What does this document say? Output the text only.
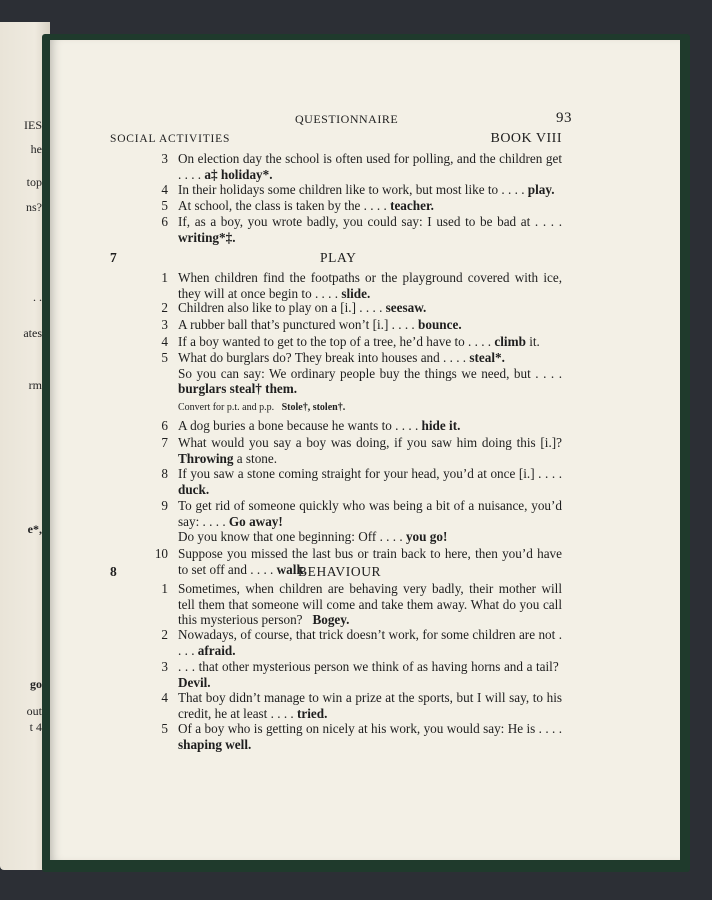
IES
he
top
ns?
. .
ates
rm
e*,
go
out
t 4
QUESTIONNAIRE	93
SOCIAL ACTIVITIES	BOOK VIII
3 On election day the school is often used for polling, and the children get . . . . a‡ holiday*.
4 In their holidays some children like to work, but most like to . . . . play.
5 At school, the class is taken by the . . . . teacher.
6 If, as a boy, you wrote badly, you could say: I used to be bad at . . . . writing*‡.
7	PLAY
1 When children find the footpaths or the playground covered with ice, they will at once begin to . . . . slide.
2 Children also like to play on a [i.] . . . . seesaw.
3 A rubber ball that’s punctured won’t [i.] . . . . bounce.
4 If a boy wanted to get to the top of a tree, he’d have to . . . . climb it.
5 What do burglars do? They break into houses and . . . . steal*.
So you can say: We ordinary people buy the things we need, but . . . . burglars steal† them.
Convert for p.t. and p.p. Stole†, stolen†.
6 A dog buries a bone because he wants to . . . . hide it.
7 What would you say a boy was doing, if you saw him doing this [i.]? Throwing a stone.
8 If you saw a stone coming straight for your head, you’d at once [i.] . . . . duck.
9 To get rid of someone quickly who was being a bit of a nuisance, you’d say: . . . . Go away!
Do you know that one beginning: Off . . . . you go!
10 Suppose you missed the last bus or train back to here, then you’d have to set off and . . . . walk.
8	BEHAVIOUR
1 Sometimes, when children are behaving very badly, their mother will tell them that someone will come and take them away. What do you call this mysterious person? Bogey.
2 Nowadays, of course, that trick doesn’t work, for some children are not . . . . afraid.
3 . . . that other mysterious person we think of as having horns and a tail?  Devil.
4 That boy didn’t manage to win a prize at the sports, but I will say, to his credit, he at least . . . . tried.
5 Of a boy who is getting on nicely at his work, you would say: He is . . . . shaping well.
